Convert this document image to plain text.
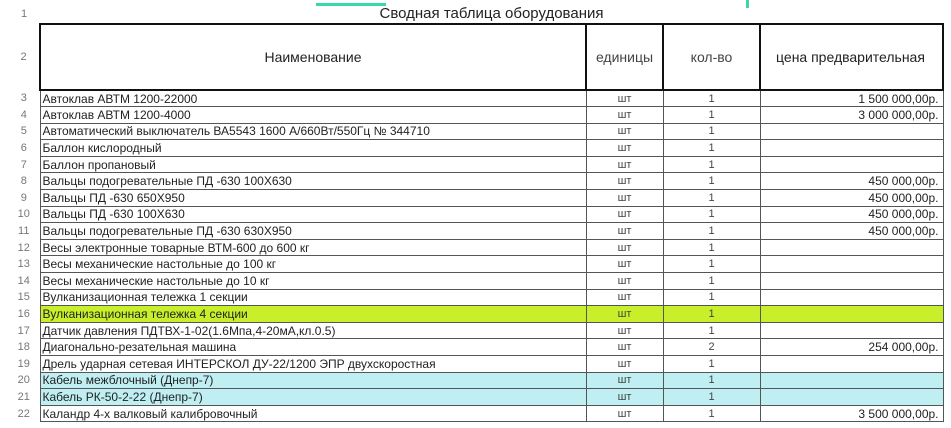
1	Сводная таблица оборудования			
2	Наименование	единицы	кол-во	цена предварительная
3	Автоклав АВТМ 1200-22000	шт	1	1 500 000,00р.
4	Автоклав АВТМ 1200-4000	шт	1	3 000 000,00р.
5	Автоматический выключатель ВА5543 1600 А/660Вт/550Гц № 344710	шт	1	
6	Баллон кислородный	шт	1	
7	Баллон пропановый	шт	1	
8	Вальцы подогревательные ПД -630 100Х630	шт	1	450 000,00р.
9	Вальцы ПД -630 650Х950	шт	1	450 000,00р.
10	Вальцы ПД -630 100Х630	шт	1	450 000,00р.
11	Вальцы подогревательные ПД -630 630Х950	шт	1	450 000,00р.
12	Весы электронные товарные ВТМ-600 до 600 кг	шт	1	
13	Весы механические настольные до 100 кг	шт	1	
14	Весы механические настольные до 10 кг	шт	1	
15	Вулканизационная тележка 1 секции	шт	1	
16	Вулканизационная тележка 4 секции	шт	1	
17	Датчик давления ПДТВХ-1-02(1.6Мпа,4-20мА,кл.0.5)	шт	1	
18	Диагонально-резательная машина	шт	2	254 000,00р.
19	Дрель ударная сетевая ИНТЕРСКОЛ ДУ-22/1200 ЭПР двухскоростная	шт	1	
20	Кабель межблочный (Днепр-7)	шт	1	
21	Кабель РК-50-2-22 (Днепр-7)	шт	1	
22	Каландр 4-х валковый калибровочный	шт	1	3 500 000,00р.
